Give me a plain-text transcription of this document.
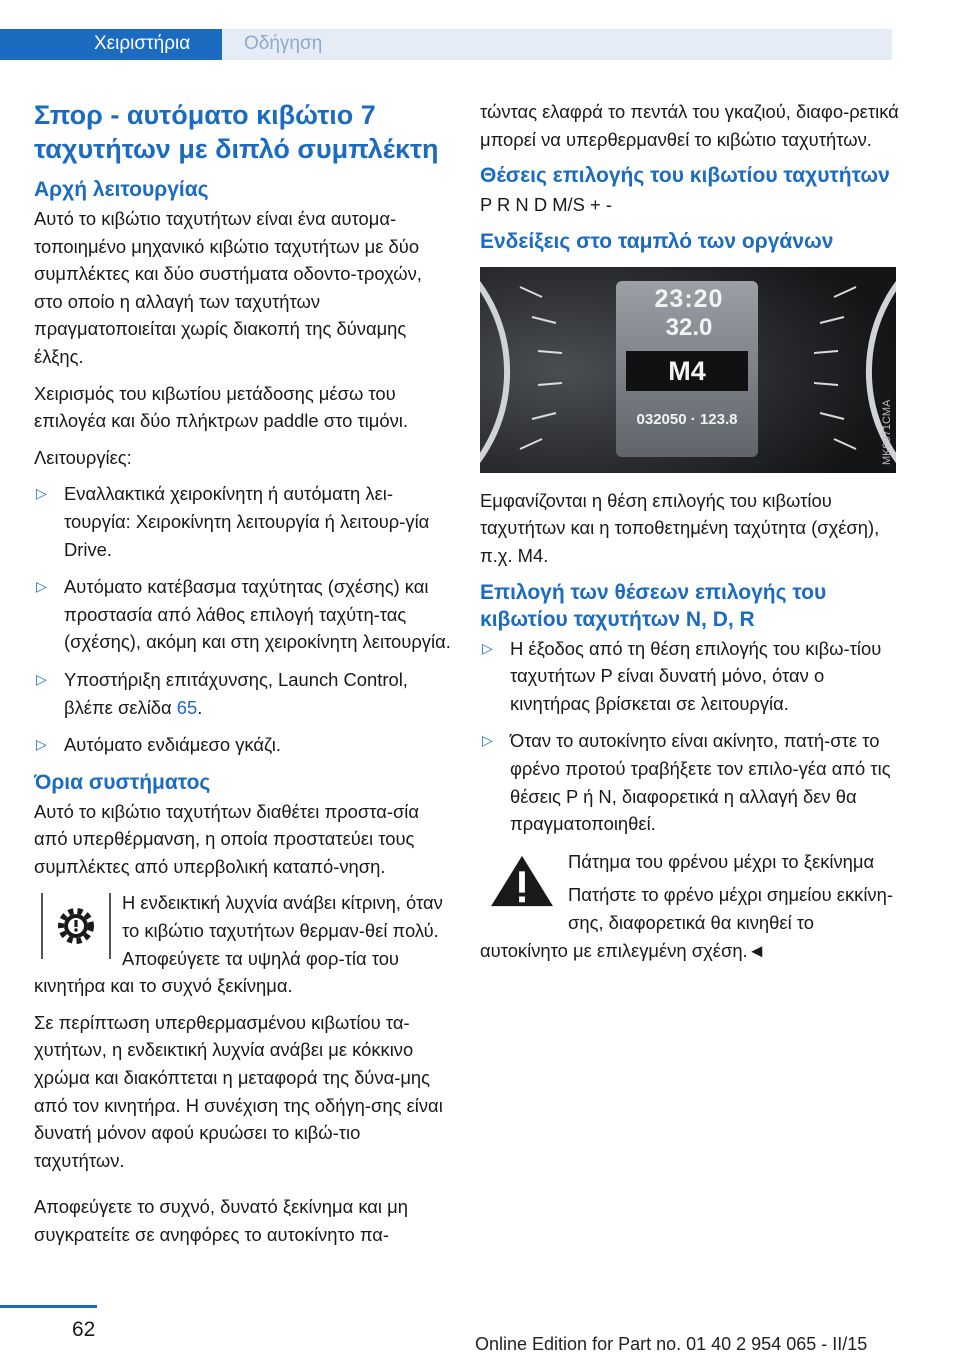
Χειριστήρια	Οδήγηση
Σπορ - αυτόματο κιβώτιο 7 ταχυτήτων με διπλό συμπλέκτη
Αρχή λειτουργίας

Αυτό το κιβώτιο ταχυτήτων είναι ένα αυτομα-τοποιημένο μηχανικό κιβώτιο ταχυτήτων με δύο συμπλέκτες και δύο συστήματα οδοντο-τροχών, στο οποίο η αλλαγή των ταχυτήτων πραγματοποιείται χωρίς διακοπή της δύναμης έλξης.

Χειρισμός του κιβωτίου μετάδοσης μέσω του επιλογέα και δύο πλήκτρων paddle στο τιμόνι.

Λειτουργίες:

▷ Εναλλακτικά χειροκίνητη ή αυτόματη λει-τουργία: Χειροκίνητη λειτουργία ή λειτουρ-γία Drive.
▷ Αυτόματο κατέβασμα ταχύτητας (σχέσης) και προστασία από λάθος επιλογή ταχύτη-τας (σχέσης), ακόμη και στη χειροκίνητη λειτουργία.
▷ Υποστήριξη επιτάχυνσης, Launch Control, βλέπε σελίδα 65.
▷ Αυτόματο ενδιάμεσο γκάζι.
Όρια συστήματος

Αυτό το κιβώτιο ταχυτήτων διαθέτει προστα-σία από υπερθέρμανση, η οποία προστατεύει τους συμπλέκτες από υπερβολική καταπό-νηση.

Η ενδεικτική λυχνία ανάβει κίτρινη, όταν το κιβώτιο ταχυτήτων θερμαν-θεί πολύ. Αποφεύγετε τα υψηλά φορ-τία του κινητήρα και το συχνό ξεκίνημα.

Σε περίπτωση υπερθερμασμένου κιβωτίου τα-χυτήτων, η ενδεικτική λυχνία ανάβει με κόκκινο χρώμα και διακόπτεται η μεταφορά της δύνα-μης από τον κινητήρα. Η συνέχιση της οδήγη-σης είναι δυνατή μόνον αφού κρυώσει το κιβώ-τιο ταχυτήτων.

Αποφεύγετε το συχνό, δυνατό ξεκίνημα και μη συγκρατείτε σε ανηφόρες το αυτοκίνητο πα-

τώντας ελαφρά το πεντάλ του γκαζιού, διαφο-ρετικά μπορεί να υπερθερμανθεί το κιβώτιο ταχυτήτων.

Θέσεις επιλογής του κιβωτίου ταχυτήτων

P R N D M/S + -

Ενδείξεις στο ταμπλό των οργάνων
23:20
32.0
M4
032050 · 123.8	MK0971CMA

Εμφανίζονται η θέση επιλογής του κιβωτίου ταχυτήτων και η τοποθετημένη ταχύτητα (σχέση), π.χ. M4.

Επιλογή των θέσεων επιλογής του κιβωτίου ταχυτήτων N, D, R
▷ Η έξοδος από τη θέση επιλογής του κιβω-τίου ταχυτήτων P είναι δυνατή μόνο, όταν ο κινητήρας βρίσκεται σε λειτουργία.
▷ Όταν το αυτοκίνητο είναι ακίνητο, πατή-στε το φρένο προτού τραβήξετε τον επιλο-γέα από τις θέσεις P ή N, διαφορετικά η αλλαγή δεν θα πραγματοποιηθεί.

Πάτημα του φρένου μέχρι το ξεκίνημα

Πατήστε το φρένο μέχρι σημείου εκκίνη-σης, διαφορετικά θα κινηθεί το αυτοκίνητο με επιλεγμένη σχέση.◄

62
Online Edition for Part no. 01 40 2 954 065 - II/15
